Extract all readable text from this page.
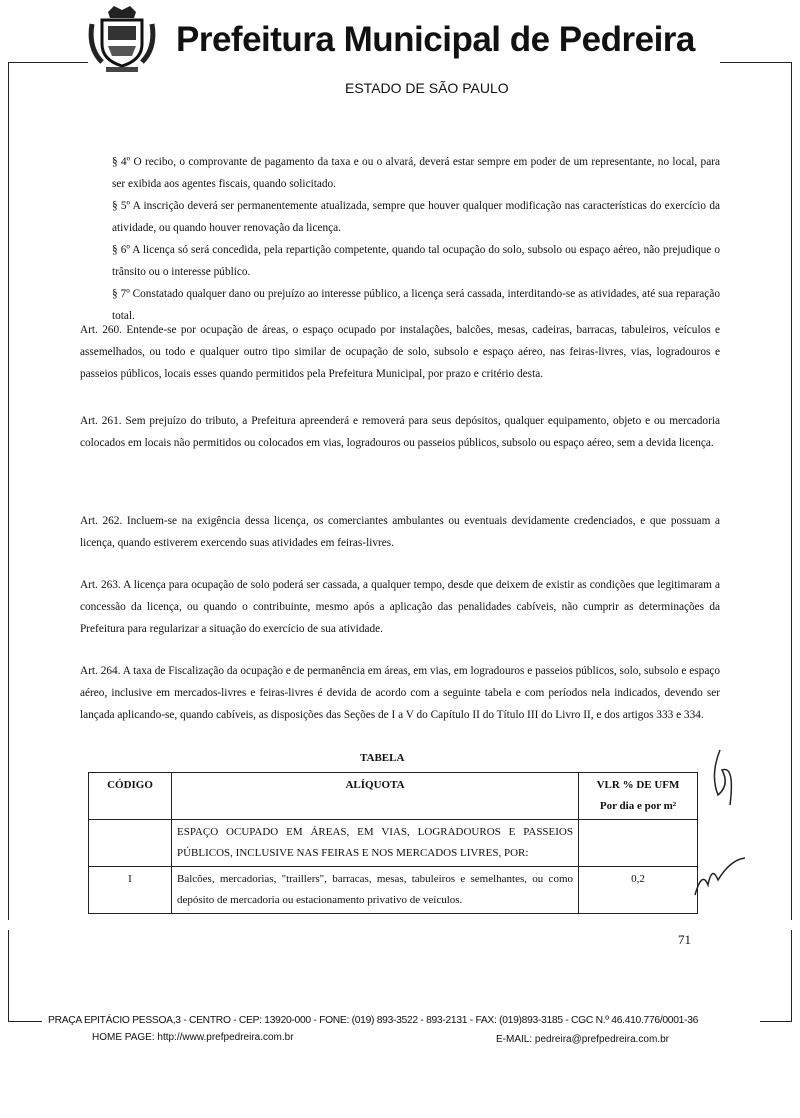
Prefeitura Municipal de Pedreira
ESTADO DE SÃO PAULO
§ 4º O recibo, o comprovante de pagamento da taxa e ou o alvará, deverá estar sempre em poder de um representante, no local, para ser exibida aos agentes fiscais, quando solicitado.
§ 5º A inscrição deverá ser permanentemente atualizada, sempre que houver qualquer modificação nas características do exercício da atividade, ou quando houver renovação da licença.
§ 6º A licença só será concedida, pela repartição competente, quando tal ocupação do solo, subsolo ou espaço aéreo, não prejudique o trânsito ou o interesse público.
§ 7º Constatado qualquer dano ou prejuízo ao interesse público, a licença será cassada, interditando-se as atividades, até sua reparação total.
Art. 260. Entende-se por ocupação de áreas, o espaço ocupado por instalações, balcões, mesas, cadeiras, barracas, tabuleiros, veículos e assemelhados, ou todo e qualquer outro tipo similar de ocupação de solo, subsolo e espaço aéreo, nas feiras-livres, vias, logradouros e passeios públicos, locais esses quando permitidos pela Prefeitura Municipal, por prazo e critério desta.
Art. 261. Sem prejuízo do tributo, a Prefeitura apreenderá e removerá para seus depósitos, qualquer equipamento, objeto e ou mercadoria colocados em locais não permitidos ou colocados em vias, logradouros ou passeios públicos, subsolo ou espaço aéreo, sem a devida licença.
Art. 262. Incluem-se na exigência dessa licença, os comerciantes ambulantes ou eventuais devidamente credenciados, e que possuam a licença, quando estiverem exercendo suas atividades em feiras-livres.
Art. 263. A licença para ocupação de solo poderá ser cassada, a qualquer tempo, desde que deixem de existir as condições que legitimaram a concessão da licença, ou quando o contribuinte, mesmo após a aplicação das penalidades cabíveis, não cumprir as determinações da Prefeitura para regularizar a situação do exercício de sua atividade.
Art. 264. A taxa de Fiscalização da ocupação e de permanência em áreas, em vias, em logradouros e passeios públicos, solo, subsolo e espaço aéreo, inclusive em mercados-livres e feiras-livres é devida de acordo com a seguinte tabela e com períodos nela indicados, devendo ser lançada aplicando-se, quando cabíveis, as disposições das Seções de I a V do Capítulo II do Título III do Livro II, e dos artigos 333 e 334.
TABELA
CÓDIGO	ALÍQUOTA	VLR % DE UFM
Por dia e por m²

	ESPAÇO OCUPADO EM ÁREAS, EM VIAS, LOGRADOUROS E PASSEIOS PÚBLICOS, INCLUSIVE NAS FEIRAS E NOS MERCADOS LIVRES, POR:	
I	Balcões, mercadorias, "traillers", barracas, mesas, tabuleiros e semelhantes, ou como depósito de mercadoria ou estacionamento privativo de veículos.	0,2
71
PRAÇA EPITÁCIO PESSOA,3 - CENTRO - CEP: 13920-000 - FONE: (019) 893-3522 - 893-2131 - FAX: (019)893-3185 - CGC N.º 46.410.776/0001-36
HOME PAGE: http://www.prefpedreira.com.br	E-MAIL: pedreira@prefpedreira.com.br
